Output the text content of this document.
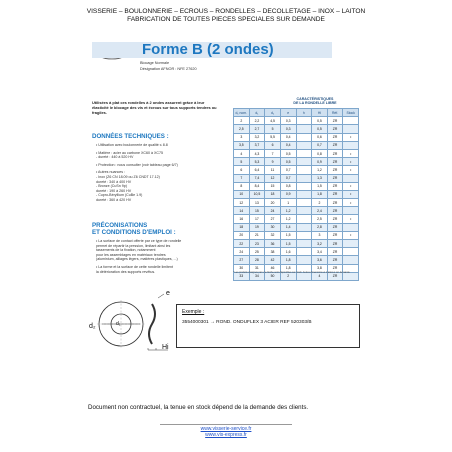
VISSERIE – BOULONNERIE – ECROUS – RONDELLES – DECOLLETAGE – INOX – LAITON
FABRICATION DE TOUTES PIECES SPECIALES SUR DEMANDE
Forme B (2 ondes)
Blocage Normale
Désignation AFNOR : NFE 27620
Utilisées à plat ces rondelles à 2 ondes assurent grâce à leur élasticité le blocage des vis et écrous sur tous supports tendres ou fragiles.
DONNÉES TECHNIQUES :
• Utilisation avec boulonnerie de qualité ≤ 8.8
• Matière : acier au carbone XC60 à XC75
- dureté : 440 à 520 HV
• Protection : nous consulter (voir tableau page 6/7)
• Autres nuances :
- Inox (Z6 CN 18.09 ou Z6 CNDT 17.12)
dureté : 340 à 400 HV
- Bronze (CuSn 9p)
dureté : 190 à 260 HV
- Cupro-Béryllium (CuBe 1.9)
dureté : 360 à 420 HV
PRÉCONISATIONS
ET CONDITIONS D'EMPLOI :
• La surface de contact offerte par ce type de rondelle
permet de répartir la pression, limitant ainsi les
tassements de la fixation, notamment
pour les assemblages en matériaux tendres
(aluminium, alliages légers, matières plastiques, ...)
• La forme et la surface de cette rondelle limitent
la détérioration des supports revêtus.
CARACTÉRISTIQUES
DE LA RONDELLE LIBRE
d₁ nom.	d₁	d₂	e	h	Hi	Réf.	Stock
2	2,2	4,5	0,3		0,5	ZR	
2,5	2,7	5	0,3		0,5	ZR	
3	3,2	5,5	0,4		0,6	ZR	•
3,5	3,7	6	0,4		0,7	ZR	
4	4,3	7	0,5		0,8	ZR	•
5	5,3	9	0,5		0,9	ZR	•
6	6,4	11	0,7		1,2	ZR	•
7	7,4	12	0,7		1,3	ZR	
8	8,4	15	0,8		1,5	ZR	•
10	10,5	18	0,9		1,8	ZR	•
12	13	20	1		2	ZR	•
14	15	24	1,2		2,4	ZR	
16	17	27	1,2		2,5	ZR	•
18	19	30	1,4		2,8	ZR	
20	21	32	1,5		3	ZR	•
22	23	36	1,5		3,2	ZR	
24	25	38	1,6		3,4	ZR	
27	28	42	1,8		3,6	ZR	
30	31	46	1,8		3,8	ZR	
33	34	50	2		4	ZR	
* Les produits désignés par une flèche sont disponibles sur stock. Autres dimensions et matières sur demande.
d₂	d₁
e
Hi
Exemple :
3554000301 → ROND. ONDUFLEX 3 ACIER REF 520303/B
Document non contractuel, la tenue en stock dépend de la demande des clients.
www.visserie-service.fr
www.vis-express.fr
